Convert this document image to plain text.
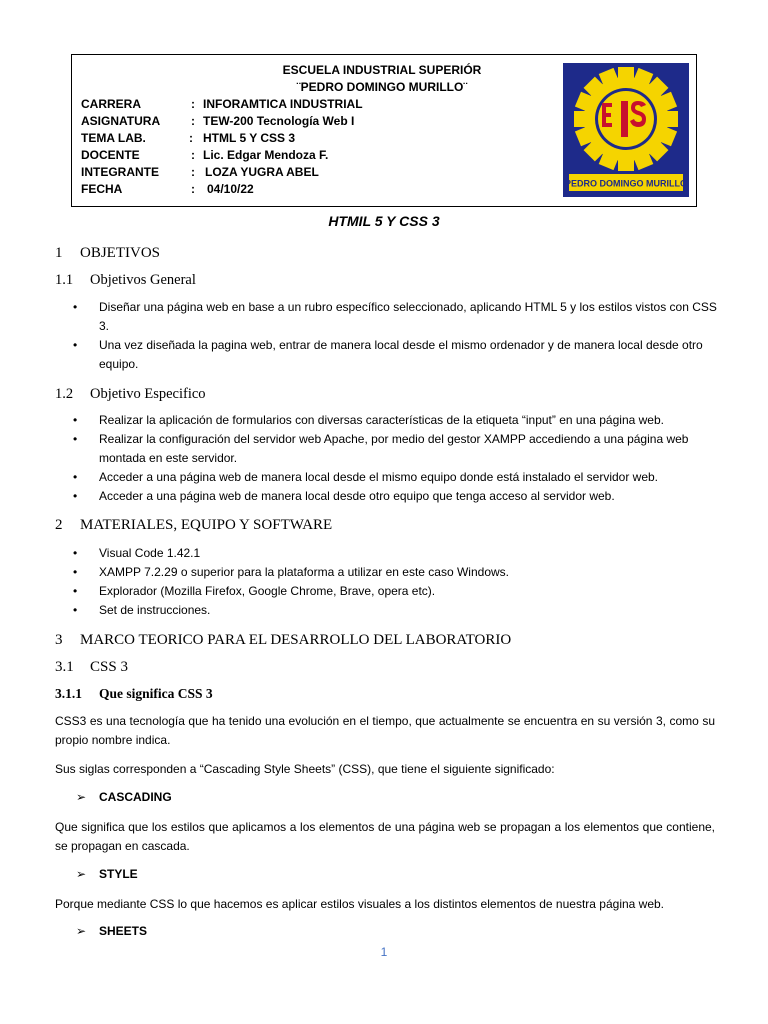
ESCUELA INDUSTRIAL SUPERIÓR
¨PEDRO DOMINGO MURILLO¨
CARRERA	: INFORAMTICA INDUSTRIAL
ASIGNATURA	: TEW-200 Tecnología Web I
TEMA LAB.	: HTML 5 Y CSS 3
DOCENTE	: Lic. Edgar Mendoza F.
INTEGRANTE	: LOZA YUGRA ABEL
FECHA	: 04/10/22	PEDRO DOMINGO MURILLO
HTMIL 5 Y CSS 3
1 OBJETIVOS
1.1 Objetivos General
• Diseñar una página web en base a un rubro específico seleccionado, aplicando HTML 5 y los estilos vistos con CSS 3.
• Una vez diseñada la pagina web, entrar de manera local desde el mismo ordenador y de manera local desde otro equipo.
1.2 Objetivo Especifico
• Realizar la aplicación de formularios con diversas características de la etiqueta “input” en una página web.
• Realizar la configuración del servidor web Apache, por medio del gestor XAMPP accediendo a una página web montada en este servidor.
• Acceder a una página web de manera local desde el mismo equipo donde está instalado el servidor web.
• Acceder a una página web de manera local desde otro equipo que tenga acceso al servidor web.
2 MATERIALES, EQUIPO Y SOFTWARE
• Visual Code 1.42.1
• XAMPP 7.2.29 o superior para la plataforma a utilizar en este caso Windows.
• Explorador (Mozilla Firefox, Google Chrome, Brave, opera etc).
• Set de instrucciones.
3 MARCO TEORICO PARA EL DESARROLLO DEL LABORATORIO
3.1 CSS 3
3.1.1 Que significa CSS 3
CSS3 es una tecnología que ha tenido una evolución en el tiempo, que actualmente se encuentra en su versión 3, como su propio nombre indica.
Sus siglas corresponden a “Cascading Style Sheets” (CSS), que tiene el siguiente significado:
➢ CASCADING
Que significa que los estilos que aplicamos a los elementos de una página web se propagan a los elementos que contiene, se propagan en cascada.
➢ STYLE
Porque mediante CSS lo que hacemos es aplicar estilos visuales a los distintos elementos de nuestra página web.
➢ SHEETS
1
